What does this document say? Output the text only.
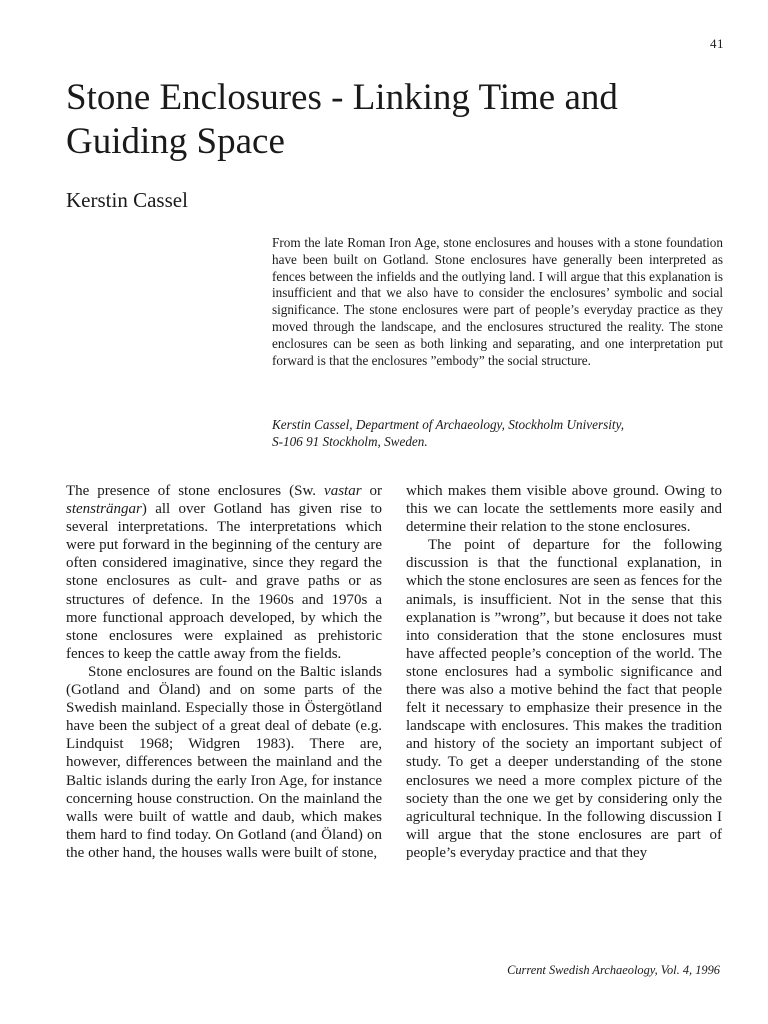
41
Stone Enclosures - Linking Time and Guiding Space
Kerstin Cassel

From the late Roman Iron Age, stone enclosures and houses with a stone foundation have been built on Gotland. Stone enclosures have generally been interpreted as fences between the infields and the outlying land. I will argue that this explanation is insufficient and that we also have to consider the enclosures’ symbolic and social significance. The stone enclosures were part of people’s everyday practice as they moved through the landscape, and the enclosures structured the reality. The stone enclosures can be seen as both linking and separating, and one interpretation put forward is that the enclosures ”embody” the social structure.

Kerstin Cassel, Department of Archaeology, Stockholm University,
S-106 91 Stockholm, Sweden.

The presence of stone enclosures (Sw. vastar or stensträngar) all over Gotland has given rise to several interpretations. The interpretations which were put forward in the beginning of the century are often considered imaginative, since they regard the stone enclosures as cult- and grave paths or as structures of defence. In the 1960s and 1970s a more functional approach developed, by which the stone enclosures were explained as prehistoric fences to keep the cattle away from the fields.

Stone enclosures are found on the Baltic islands (Gotland and Öland) and on some parts of the Swedish mainland. Especially those in Östergötland have been the subject of a great deal of debate (e.g. Lindquist 1968; Widgren 1983). There are, however, differences between the mainland and the Baltic islands during the early Iron Age, for instance concerning house construction. On the mainland the walls were built of wattle and daub, which makes them hard to find today. On Gotland (and Öland) on the other hand, the houses walls were built of stone,

which makes them visible above ground. Owing to this we can locate the settlements more easily and determine their relation to the stone enclosures.

The point of departure for the following discussion is that the functional explanation, in which the stone enclosures are seen as fences for the animals, is insufficient. Not in the sense that this explanation is ”wrong”, but because it does not take into consideration that the stone enclosures must have affected people’s conception of the world. The stone enclosures had a symbolic significance and there was also a motive behind the fact that people felt it necessary to emphasize their presence in the landscape with enclosures. This makes the tradition and history of the society an important subject of study. To get a deeper understanding of the stone enclosures we need a more complex picture of the society than the one we get by considering only the agricultural technique. In the following discussion I will argue that the stone enclosures are part of people’s everyday practice and that they

Current Swedish Archaeology, Vol. 4, 1996
